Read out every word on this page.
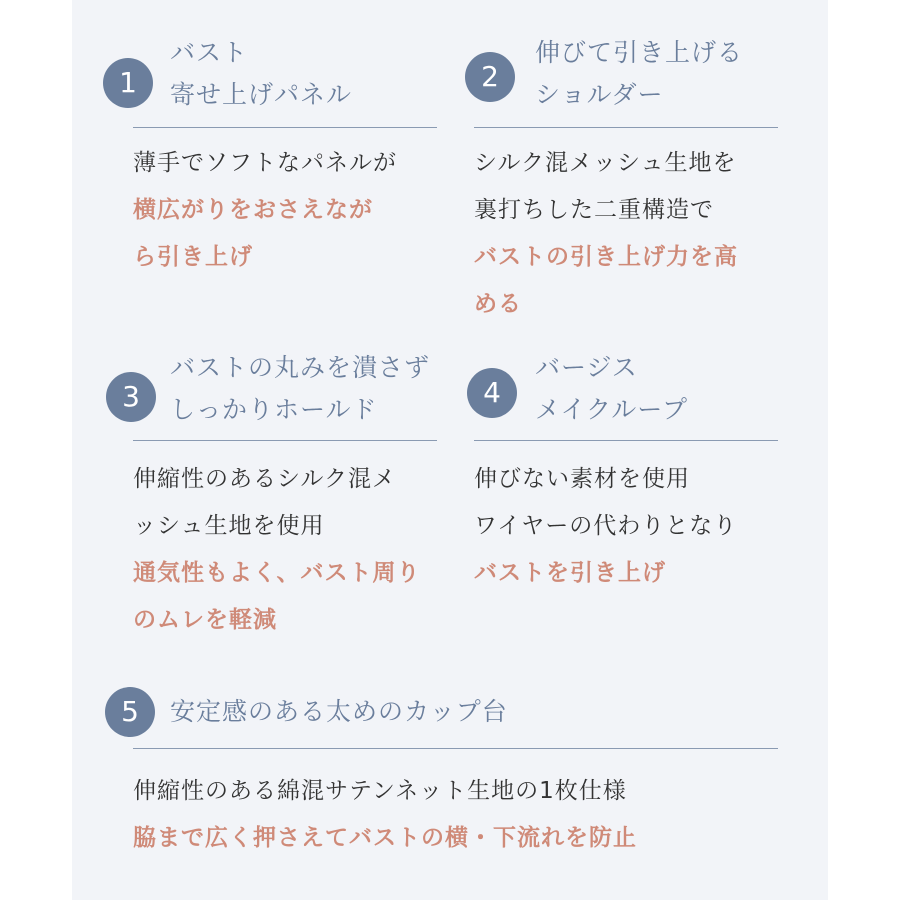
1
バスト
寄せ上げパネル
薄手でソフトなパネルが
横広がりをおさえなが
ら引き上げ
2
伸びて引き上げる
ショルダー
シルク混メッシュ生地を
裏打ちした二重構造で
バストの引き上げ力を高
める
3
バストの丸みを潰さず
しっかりホールド
伸縮性のあるシルク混メ
ッシュ生地を使用
通気性もよく、バスト周り
のムレを軽減
4
バージス
メイクループ
伸びない素材を使用
ワイヤーの代わりとなり
バストを引き上げ
5	安定感のある太めのカップ台
伸縮性のある綿混サテンネット生地の1枚仕様
脇まで広く押さえてバストの横・下流れを防止
